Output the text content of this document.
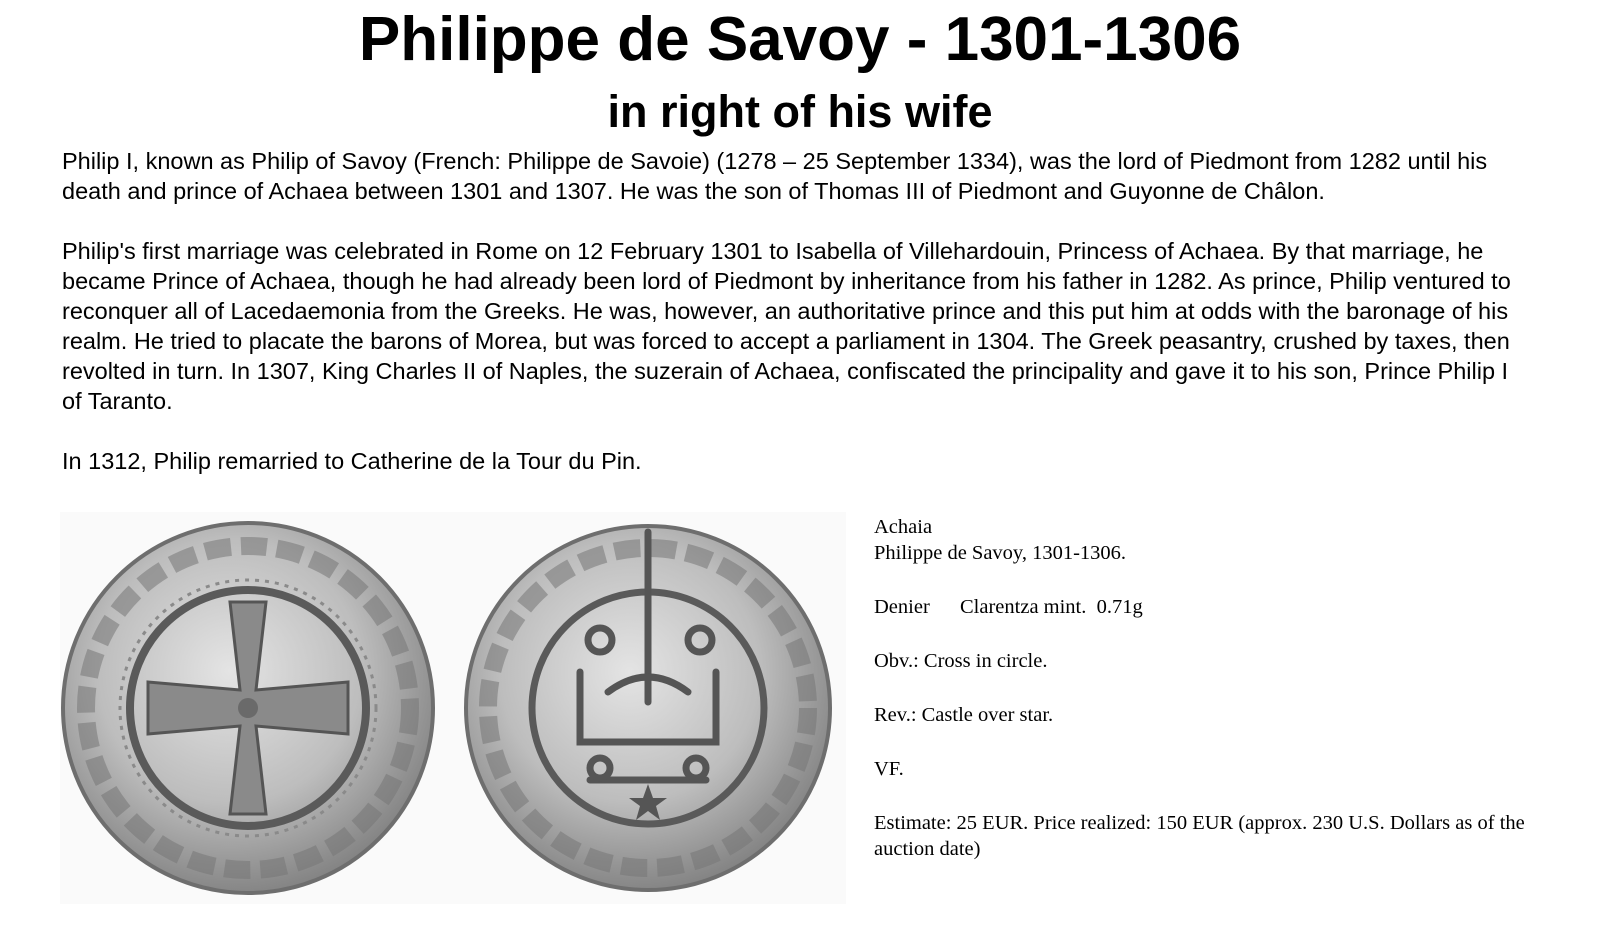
Philippe de Savoy - 1301-1306
in right of his wife

Philip I, known as Philip of Savoy (French: Philippe de Savoie) (1278 – 25 September 1334), was the lord of Piedmont from 1282 until his death and prince of Achaea between 1301 and 1307. He was the son of Thomas III of Piedmont and Guyonne de Châlon.

Philip's first marriage was celebrated in Rome on 12 February 1301 to Isabella of Villehardouin, Princess of Achaea. By that marriage, he became Prince of Achaea, though he had already been lord of Piedmont by inheritance from his father in 1282. As prince, Philip ventured to reconquer all of Lacedaemonia from the Greeks. He was, however, an authoritative prince and this put him at odds with the baronage of his realm. He tried to placate the barons of Morea, but was forced to accept a parliament in 1304. The Greek peasantry, crushed by taxes, then revolted in turn. In 1307, King Charles II of Naples, the suzerain of Achaea, confiscated the principality and gave it to his son, Prince Philip I of Taranto.

In 1312, Philip remarried to Catherine de la Tour du Pin.

Achaia
Philippe de Savoy, 1301-1306.
Denier Clarentza mint.  0.71g
Obv.: Cross in circle.
Rev.: Castle over star.
VF.
Estimate: 25 EUR. Price realized: 150 EUR (approx. 230 U.S. Dollars as of the auction date)
